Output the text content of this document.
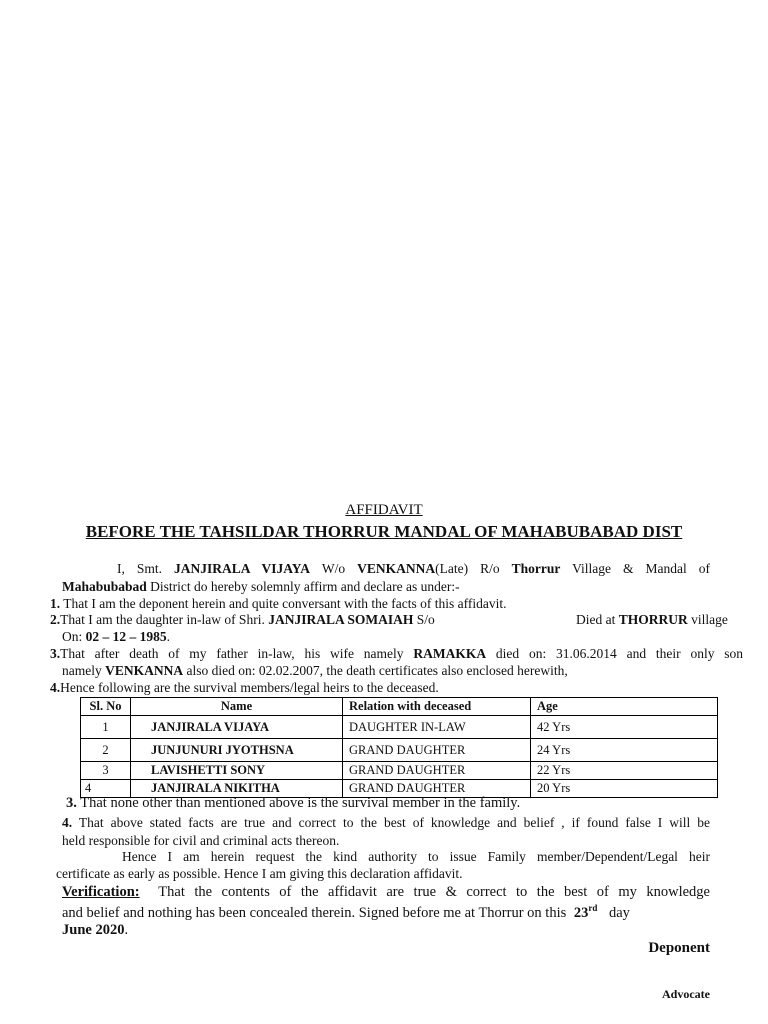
AFFIDAVIT
BEFORE THE TAHSILDAR THORRUR MANDAL OF MAHABUBABAD DIST
I, Smt. JANJIRALA VIJAYA W/o VENKANNA(Late) R/o Thorrur Village & Mandal of
Mahabubabad District do hereby solemnly affirm and declare as under:-
1. That I am the deponent herein and quite conversant with the facts of this affidavit.
2.That I am the daughter in-law of Shri. JANJIRALA SOMAIAH S/o	Died at THORRUR village
On: 02 – 12 – 1985.
3.That after death of my father in-law, his wife namely RAMAKKA died on: 31.06.2014 and their only son
namely VENKANNA also died on: 02.02.2007, the death certificates also enclosed herewith,
4.Hence following are the survival members/legal heirs to the deceased.
Sl. No	Name	Relation with deceased	Age
1	JANJIRALA VIJAYA	DAUGHTER IN-LAW	42 Yrs
2	JUNJUNURI JYOTHSNA	GRAND DAUGHTER	24 Yrs
3	LAVISHETTI SONY	GRAND DAUGHTER	22 Yrs
4	JANJIRALA NIKITHA	GRAND DAUGHTER	20 Yrs
3. That none other than mentioned above is the survival member in the family.
4. That above stated facts are true and correct to the best of knowledge and belief , if found false I will be
held responsible for civil and criminal acts thereon.
Hence I am herein request the kind authority to issue Family member/Dependent/Legal heir
certificate as early as possible. Hence I am giving this declaration affidavit.
Verification: That the contents of the affidavit are true & correct to the best of my knowledge
and belief and nothing has been concealed therein. Signed before me at Thorrur on this 23rd day
June 2020.
Deponent
Advocate
